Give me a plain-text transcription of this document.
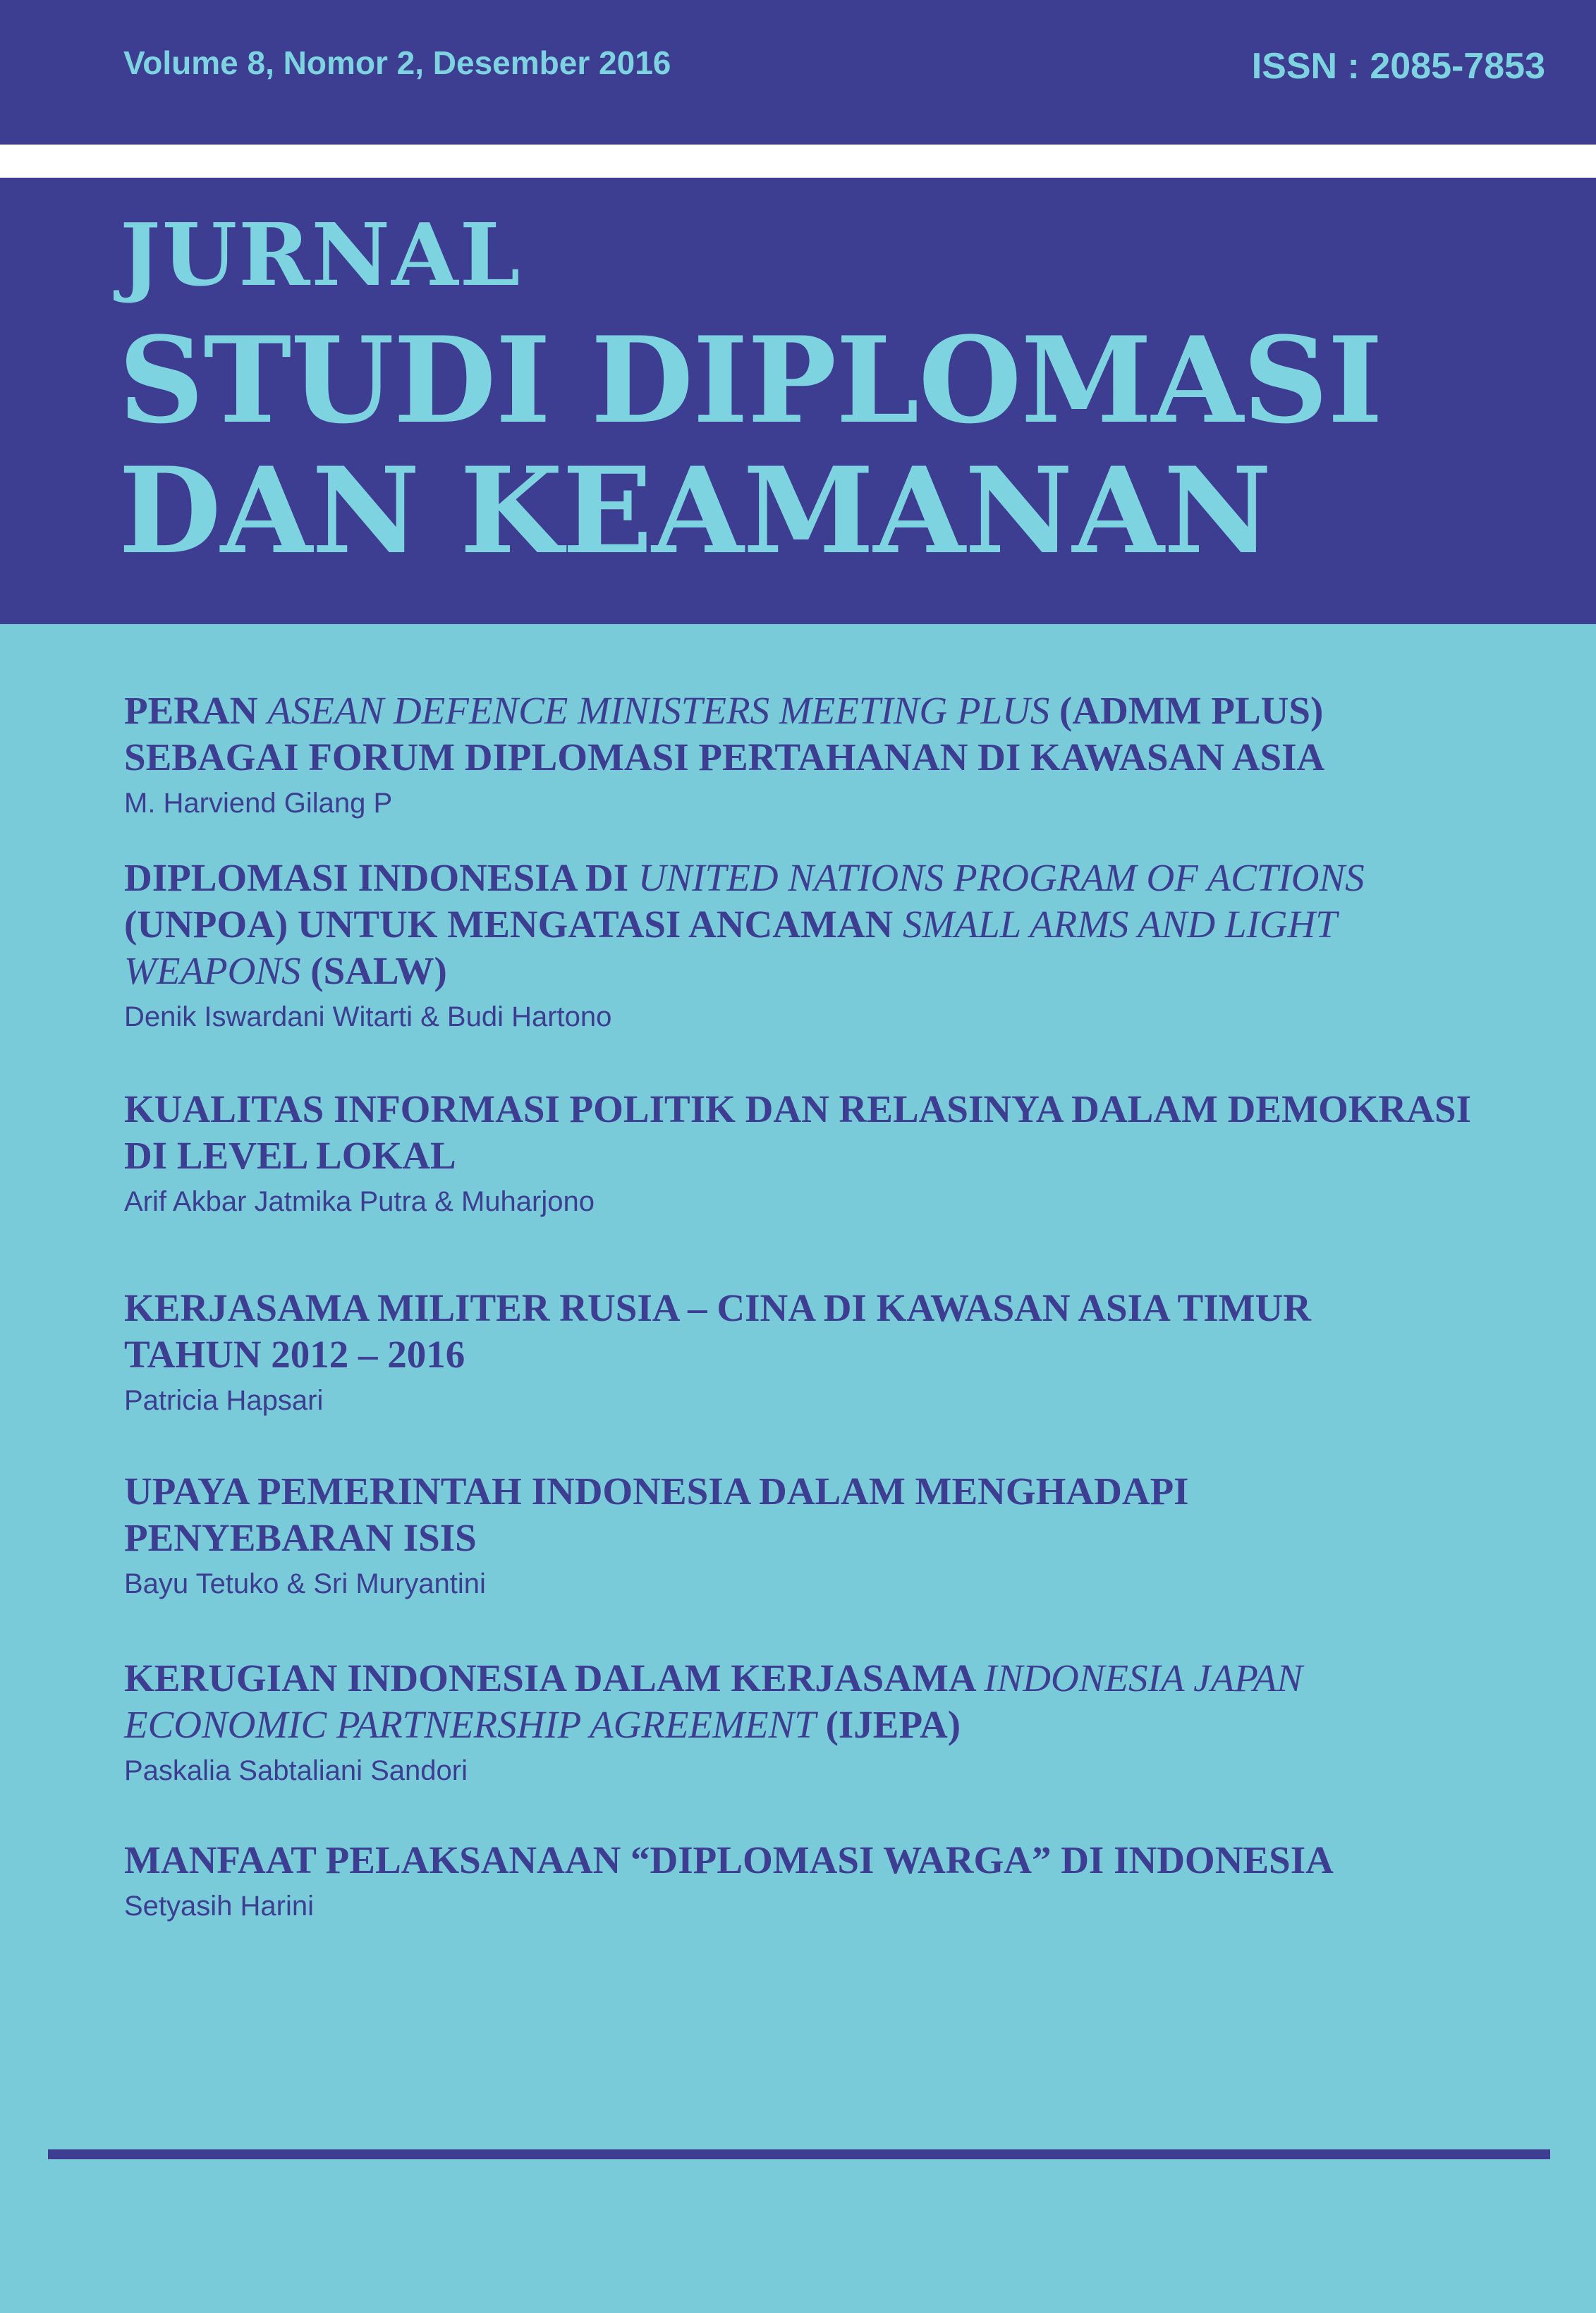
Volume 8, Nomor 2, Desember 2016	ISSN : 2085-7853
JURNAL
STUDI DIPLOMASI
DAN KEAMANAN
PERAN ASEAN DEFENCE MINISTERS MEETING PLUS (ADMM PLUS)
SEBAGAI FORUM DIPLOMASI PERTAHANAN DI KAWASAN ASIA
M. Harviend Gilang P
DIPLOMASI INDONESIA DI UNITED NATIONS PROGRAM OF ACTIONS
(UNPOA) UNTUK MENGATASI ANCAMAN SMALL ARMS AND LIGHT
WEAPONS (SALW)
Denik Iswardani Witarti & Budi Hartono
KUALITAS INFORMASI POLITIK DAN RELASINYA DALAM DEMOKRASI
DI LEVEL LOKAL
Arif Akbar Jatmika Putra & Muharjono
KERJASAMA MILITER RUSIA – CINA DI KAWASAN ASIA TIMUR
TAHUN 2012 – 2016
Patricia Hapsari
UPAYA PEMERINTAH INDONESIA DALAM MENGHADAPI
PENYEBARAN ISIS
Bayu Tetuko & Sri Muryantini
KERUGIAN INDONESIA DALAM KERJASAMA INDONESIA JAPAN
ECONOMIC PARTNERSHIP AGREEMENT (IJEPA)
Paskalia Sabtaliani Sandori
MANFAAT PELAKSANAAN “DIPLOMASI WARGA” DI INDONESIA
Setyasih Harini
